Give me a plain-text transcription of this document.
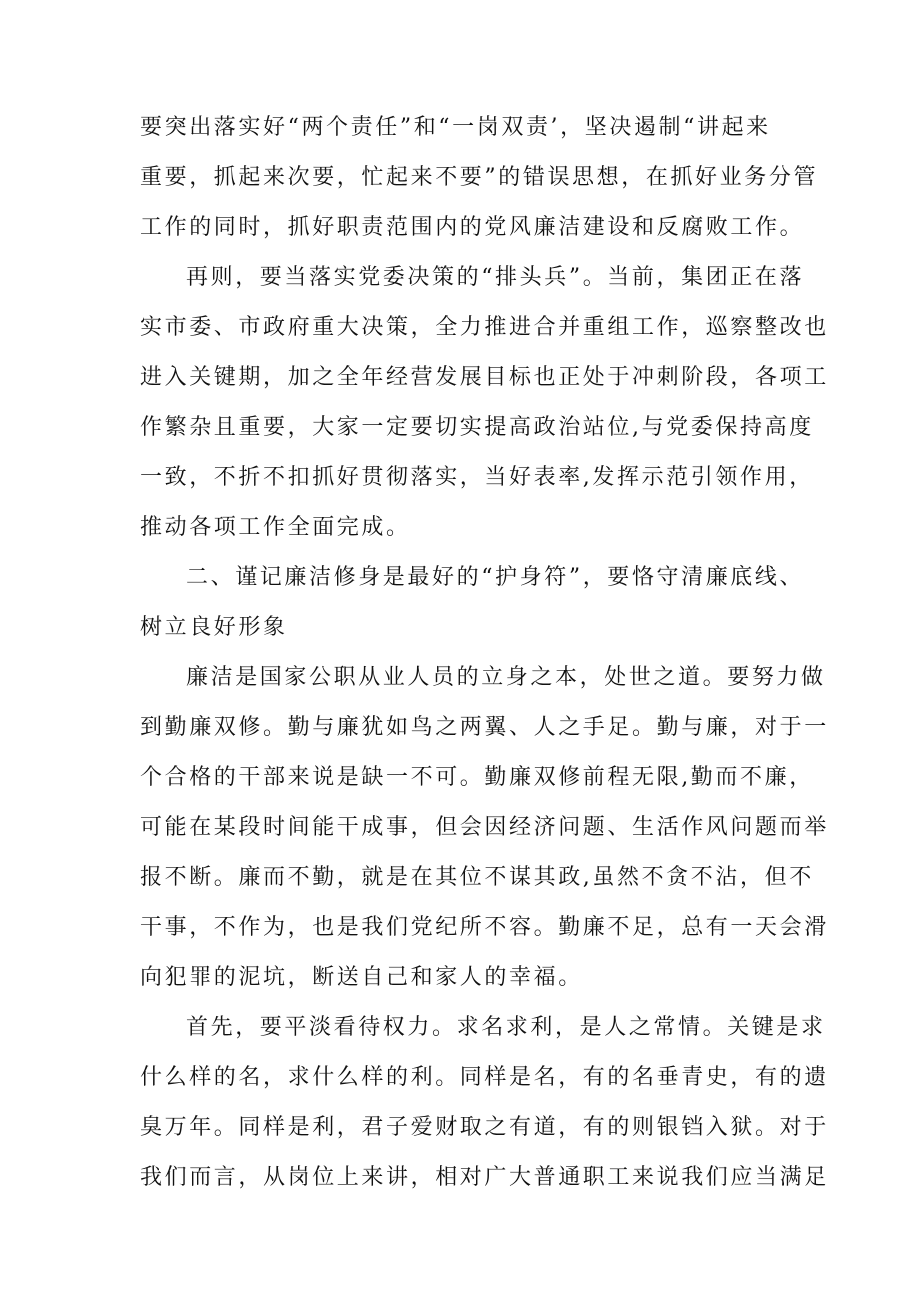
要突出落实好“两个责任”和“一岗双责’，坚决遏制“讲起来
重要，抓起来次要，忙起来不要”的错误思想，在抓好业务分管
工作的同时，抓好职责范围内的党风廉洁建设和反腐败工作。
再则，要当落实党委决策的“排头兵”。当前，集团正在落
实市委、市政府重大决策，全力推进合并重组工作，巡察整改也
进入关键期，加之全年经营发展目标也正处于冲刺阶段，各项工
作繁杂且重要，大家一定要切实提高政治站位,与党委保持高度
一致，不折不扣抓好贯彻落实，当好表率,发挥示范引领作用，
推动各项工作全面完成。
二、谨记廉洁修身是最好的“护身符”，要恪守清廉底线、
树立良好形象
廉洁是国家公职从业人员的立身之本，处世之道。要努力做
到勤廉双修。勤与廉犹如鸟之两翼、人之手足。勤与廉，对于一
个合格的干部来说是缺一不可。勤廉双修前程无限,勤而不廉，
可能在某段时间能干成事，但会因经济问题、生活作风问题而举
报不断。廉而不勤，就是在其位不谋其政,虽然不贪不沾，但不
干事，不作为，也是我们党纪所不容。勤廉不足，总有一天会滑
向犯罪的泥坑，断送自己和家人的幸福。
首先，要平淡看待权力。求名求利，是人之常情。关键是求
什么样的名，求什么样的利。同样是名，有的名垂青史，有的遗
臭万年。同样是利，君子爱财取之有道，有的则银铛入狱。对于
我们而言，从岗位上来讲，相对广大普通职工来说我们应当满足
